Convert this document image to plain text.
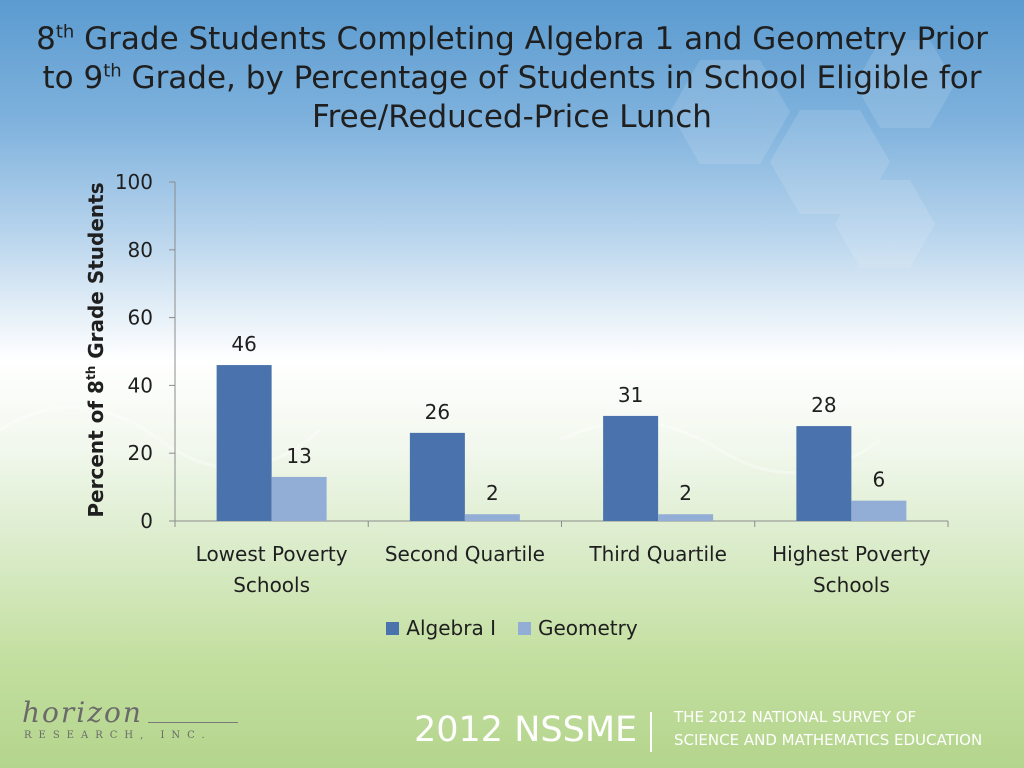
8th Grade Students Completing Algebra 1 and Geometry Prior
to 9th Grade, by Percentage of Students in School Eligible for
Free/Reduced-Price Lunch
0
20
40
60
80
100
Lowest Poverty
Schools
46
13
Second Quartile
26
2
Third Quartile
31
2
Highest Poverty
Schools
28
6
Percent of 8th Grade Students
Algebra I Geometry
horizon
RESEARCH, INC.	2012 NSSME THE 2012 NATIONAL SURVEY OF
SCIENCE AND MATHEMATICS EDUCATION
